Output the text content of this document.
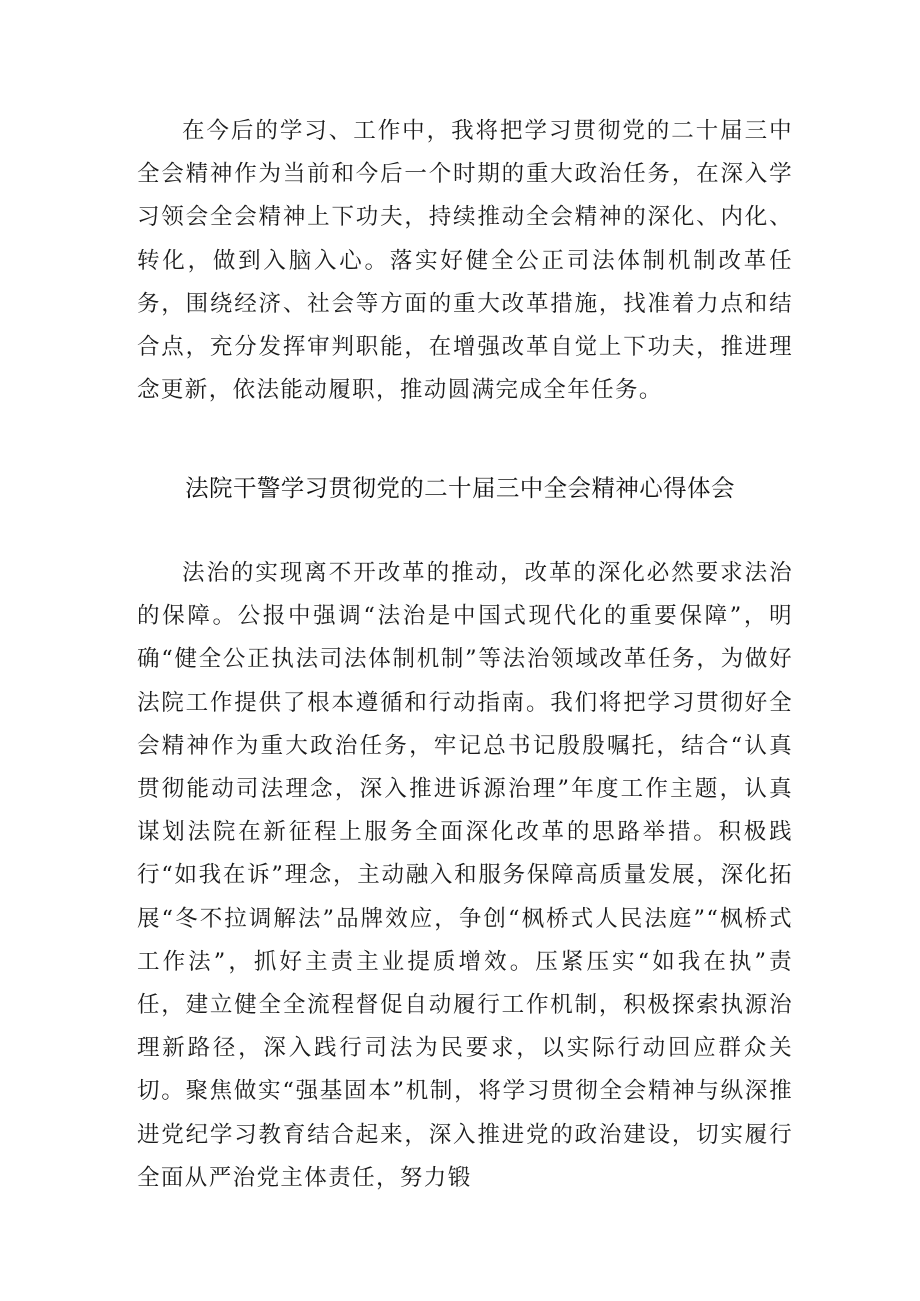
在今后的学习、工作中，我将把学习贯彻党的二十届三中全会精神作为当前和今后一个时期的重大政治任务，在深入学习领会全会精神上下功夫，持续推动全会精神的深化、内化、转化，做到入脑入心。落实好健全公正司法体制机制改革任务，围绕经济、社会等方面的重大改革措施，找准着力点和结合点，充分发挥审判职能，在增强改革自觉上下功夫，推进理念更新，依法能动履职，推动圆满完成全年任务。

法院干警学习贯彻党的二十届三中全会精神心得体会

法治的实现离不开改革的推动，改革的深化必然要求法治的保障。公报中强调“法治是中国式现代化的重要保障”，明确“健全公正执法司法体制机制”等法治领域改革任务，为做好法院工作提供了根本遵循和行动指南。我们将把学习贯彻好全会精神作为重大政治任务，牢记总书记殷殷嘱托，结合“认真贯彻能动司法理念，深入推进诉源治理”年度工作主题，认真谋划法院在新征程上服务全面深化改革的思路举措。积极践行“如我在诉”理念，主动融入和服务保障高质量发展，深化拓展“冬不拉调解法”品牌效应，争创“枫桥式人民法庭”“枫桥式工作法”，抓好主责主业提质增效。压紧压实“如我在执”责任，建立健全全流程督促自动履行工作机制，积极探索执源治理新路径，深入践行司法为民要求，以实际行动回应群众关切。聚焦做实“强基固本”机制，将学习贯彻全会精神与纵深推进党纪学习教育结合起来，深入推进党的政治建设，切实履行全面从严治党主体责任，努力锻
